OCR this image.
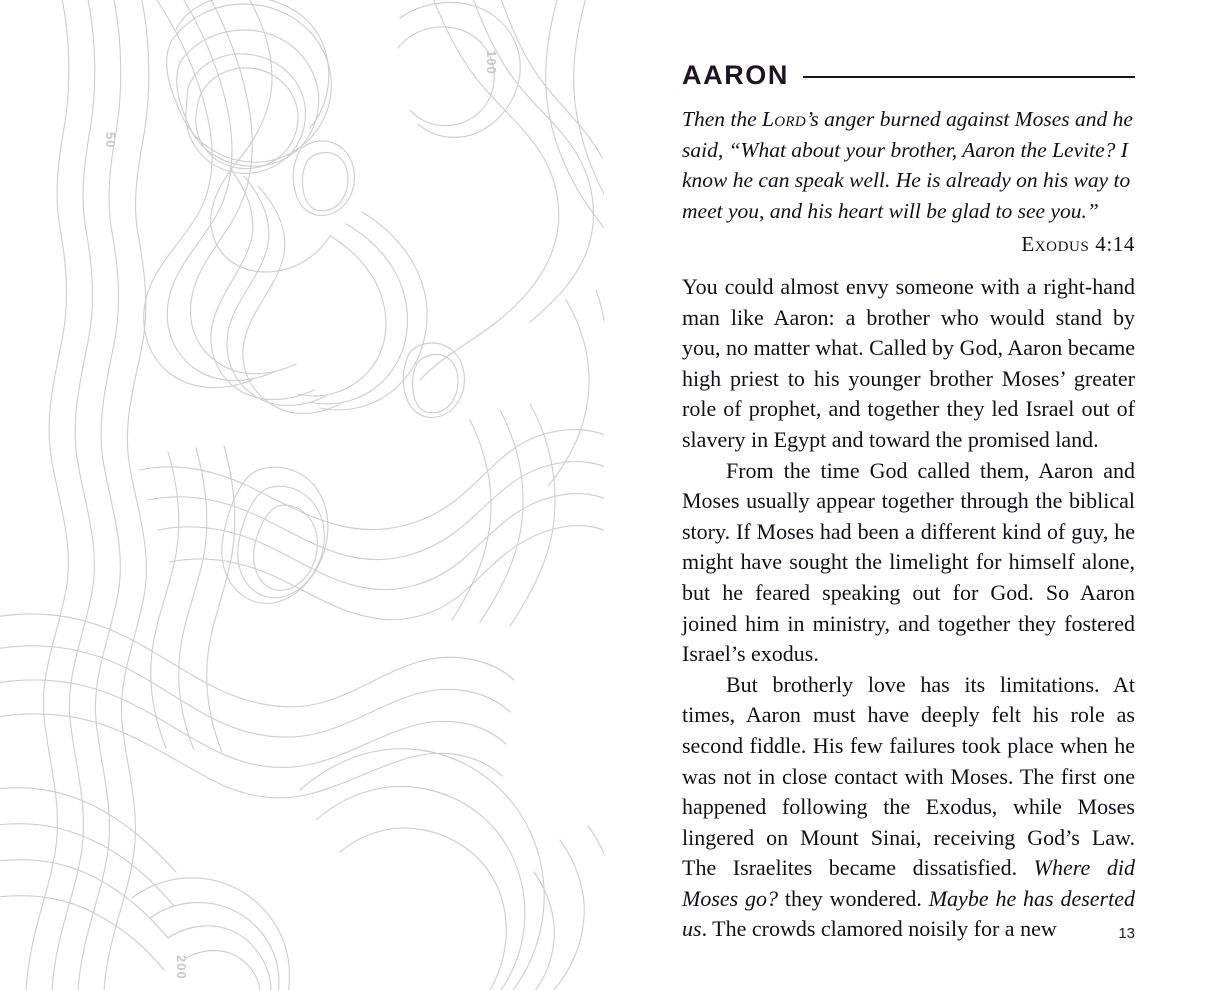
100
50
200
AARON

Then the Lord’s anger burned against Moses and he said, “What about your brother, Aaron the Levite? I know he can speak well. He is already on his way to meet you, and his heart will be glad to see you.”

Exodus 4:14

You could almost envy someone with a right-hand man like Aaron: a brother who would stand by you, no matter what. Called by God, Aaron became high priest to his younger brother Moses’ greater role of prophet, and together they led Israel out of slavery in Egypt and toward the promised land.

From the time God called them, Aaron and Moses usually appear together through the biblical story. If Moses had been a different kind of guy, he might have sought the limelight for himself alone, but he feared speaking out for God. So Aaron joined him in ministry, and together they fostered Israel’s exodus.

But brotherly love has its limitations. At times, Aaron must have deeply felt his role as second fiddle. His few failures took place when he was not in close contact with Moses. The first one happened following the Exodus, while Moses lingered on Mount Sinai, receiving God’s Law. The Israelites became dissatisfied. Where did Moses go? they wondered. Maybe he has deserted us. The crowds clamored noisily for a new	13
